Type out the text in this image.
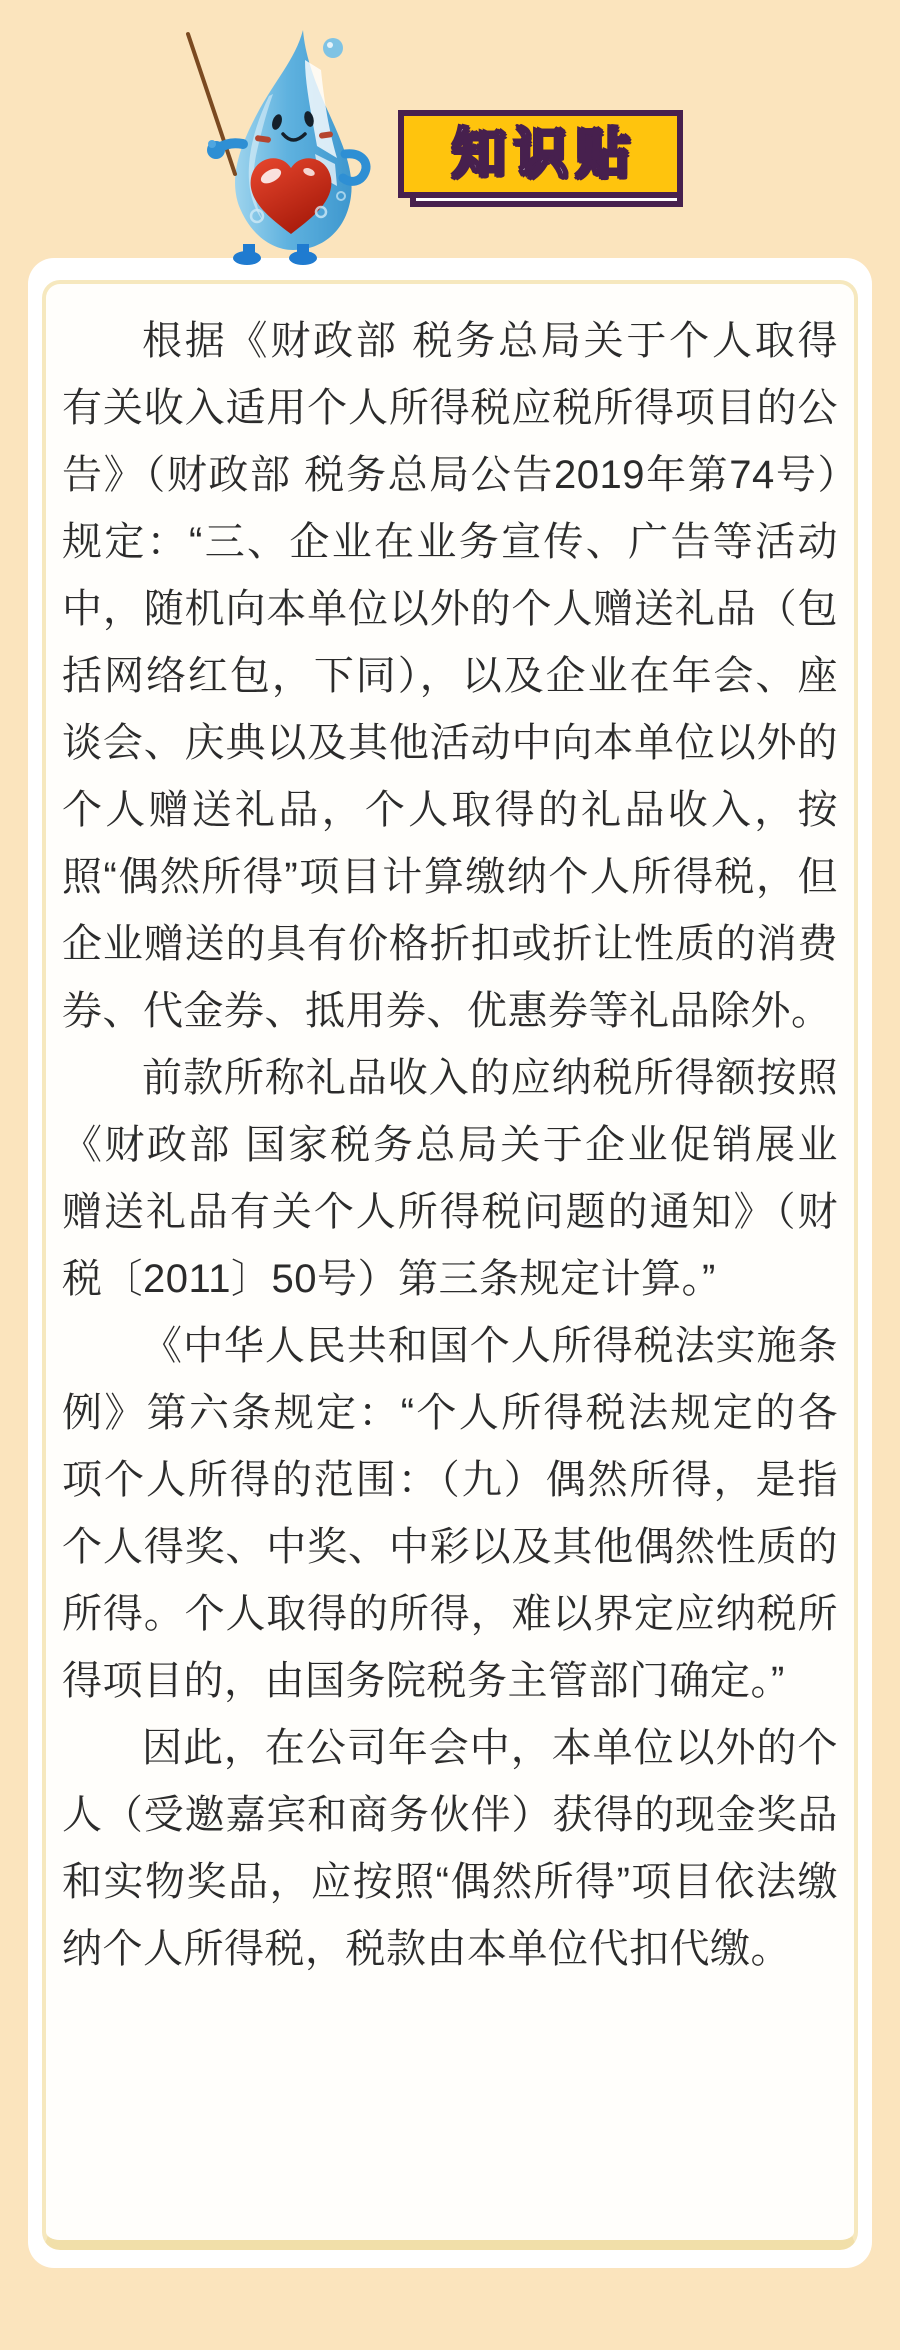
知识贴

根据《财政部 税务总局关于个人取得有关收入适用个人所得税应税所得项目的公告》（财政部 税务总局公告2019年第74号）规定：“三、企业在业务宣传、广告等活动中，随机向本单位以外的个人赠送礼品（包括网络红包，下同），以及企业在年会、座谈会、庆典以及其他活动中向本单位以外的个人赠送礼品，个人取得的礼品收入，按照“偶然所得”项目计算缴纳个人所得税，但企业赠送的具有价格折扣或折让性质的消费券、代金券、抵用券、优惠券等礼品除外。

前款所称礼品收入的应纳税所得额按照《财政部 国家税务总局关于企业促销展业赠送礼品有关个人所得税问题的通知》（财税〔2011〕50号）第三条规定计算。”

《中华人民共和国个人所得税法实施条例》第六条规定：“个人所得税法规定的各项个人所得的范围：（九）偶然所得，是指个人得奖、中奖、中彩以及其他偶然性质的所得。个人取得的所得，难以界定应纳税所得项目的，由国务院税务主管部门确定。”

因此，在公司年会中，本单位以外的个人（受邀嘉宾和商务伙伴）获得的现金奖品和实物奖品，应按照“偶然所得”项目依法缴纳个人所得税，税款由本单位代扣代缴。
